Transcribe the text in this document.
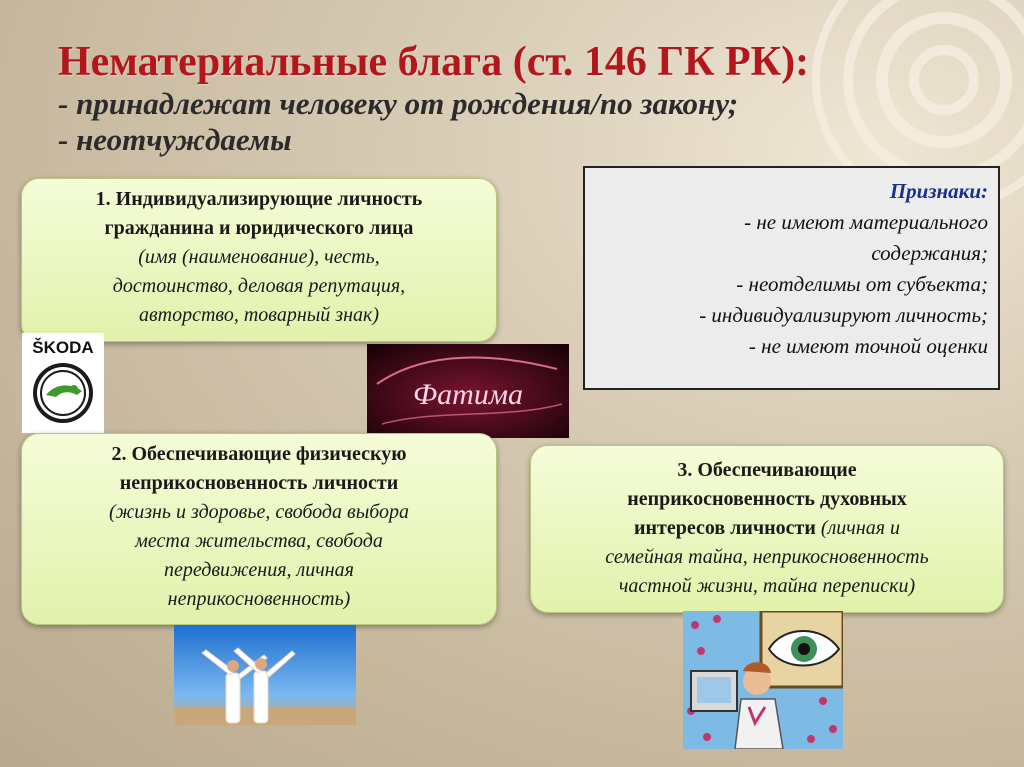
Нематериальные блага (ст. 146 ГК РК):
- принадлежат человеку от рождения/по закону;
- неотчуждаемы
1. Индивидуализирующие личность
гражданина и юридического лица
(имя (наименование), честь,
достоинство, деловая репутация,
авторство, товарный знак)
Признаки:
- не имеют материального
содержания;
- неотделимы от субъекта;
- индивидуализируют личность;
- не имеют точной оценки
ŠKODA
Фатима
2. Обеспечивающие физическую
неприкосновенность личности
(жизнь и здоровье, свобода выбора
места жительства, свобода
передвижения, личная
неприкосновенность)
3. Обеспечивающие
неприкосновенность духовных
интересов личности (личная и
семейная тайна, неприкосновенность
частной жизни, тайна переписки)
